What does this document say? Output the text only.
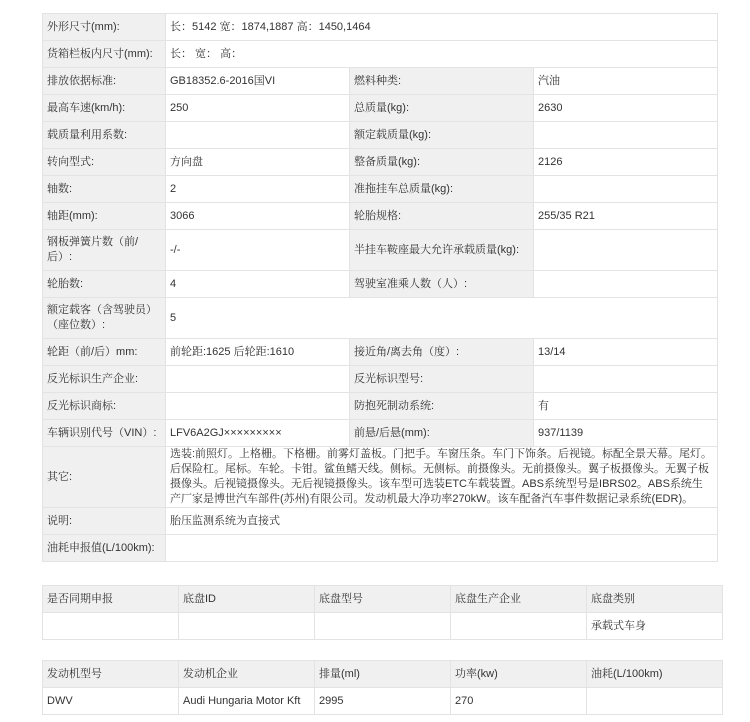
外形尺寸(mm):	长：5142 宽：1874,1887 高：1450,1464		
货箱栏板内尺寸(mm):	长： 宽： 高：		
排放依据标准:	GB18352.6-2016国VI	燃料种类:	汽油
最高车速(km/h):	250	总质量(kg):	2630
载质量利用系数:		额定载质量(kg):	
转向型式:	方向盘	整备质量(kg):	2126
轴数:	2	准拖挂车总质量(kg):	
轴距(mm):	3066	轮胎规格:	255/35 R21
钢板弹簧片数（前/后）:	-/-	半挂车鞍座最大允许承载质量(kg):	
轮胎数:	4	驾驶室准乘人数（人）:	
额定载客（含驾驶员）（座位数）:	5		
轮距（前/后）mm:	前轮距:1625 后轮距:1610	接近角/离去角（度）:	13/14
反光标识生产企业:		反光标识型号:	
反光标识商标:		防抱死制动系统:	有
车辆识别代号（VIN）:	LFV6A2GJ×××××××××	前悬/后悬(mm):	937/1139
其它:	选装:前照灯。上格栅。下格栅。前雾灯盖板。门把手。车窗压条。车门下饰条。后视镜。标配全景天幕。尾灯。后保险杠。尾标。车轮。卡钳。鲨鱼鳍天线。侧标。无侧标。前摄像头。无前摄像头。翼子板摄像头。无翼子板摄像头。后视镜摄像头。无后视镜摄像头。该车型可选装ETC车载装置。ABS系统型号是IBRS02。ABS系统生产厂家是博世汽车部件(苏州)有限公司。发动机最大净功率270kW。该车配备汽车事件数据记录系统(EDR)。		
说明:	胎压监测系统为直接式		
油耗申报值(L/100km):			
是否同期申报	底盘ID	底盘型号	底盘生产企业	底盘类别
				承载式车身
发动机型号	发动机企业	排量(ml)	功率(kw)	油耗(L/100km)
DWV	Audi Hungaria Motor Kft	2995	270	
